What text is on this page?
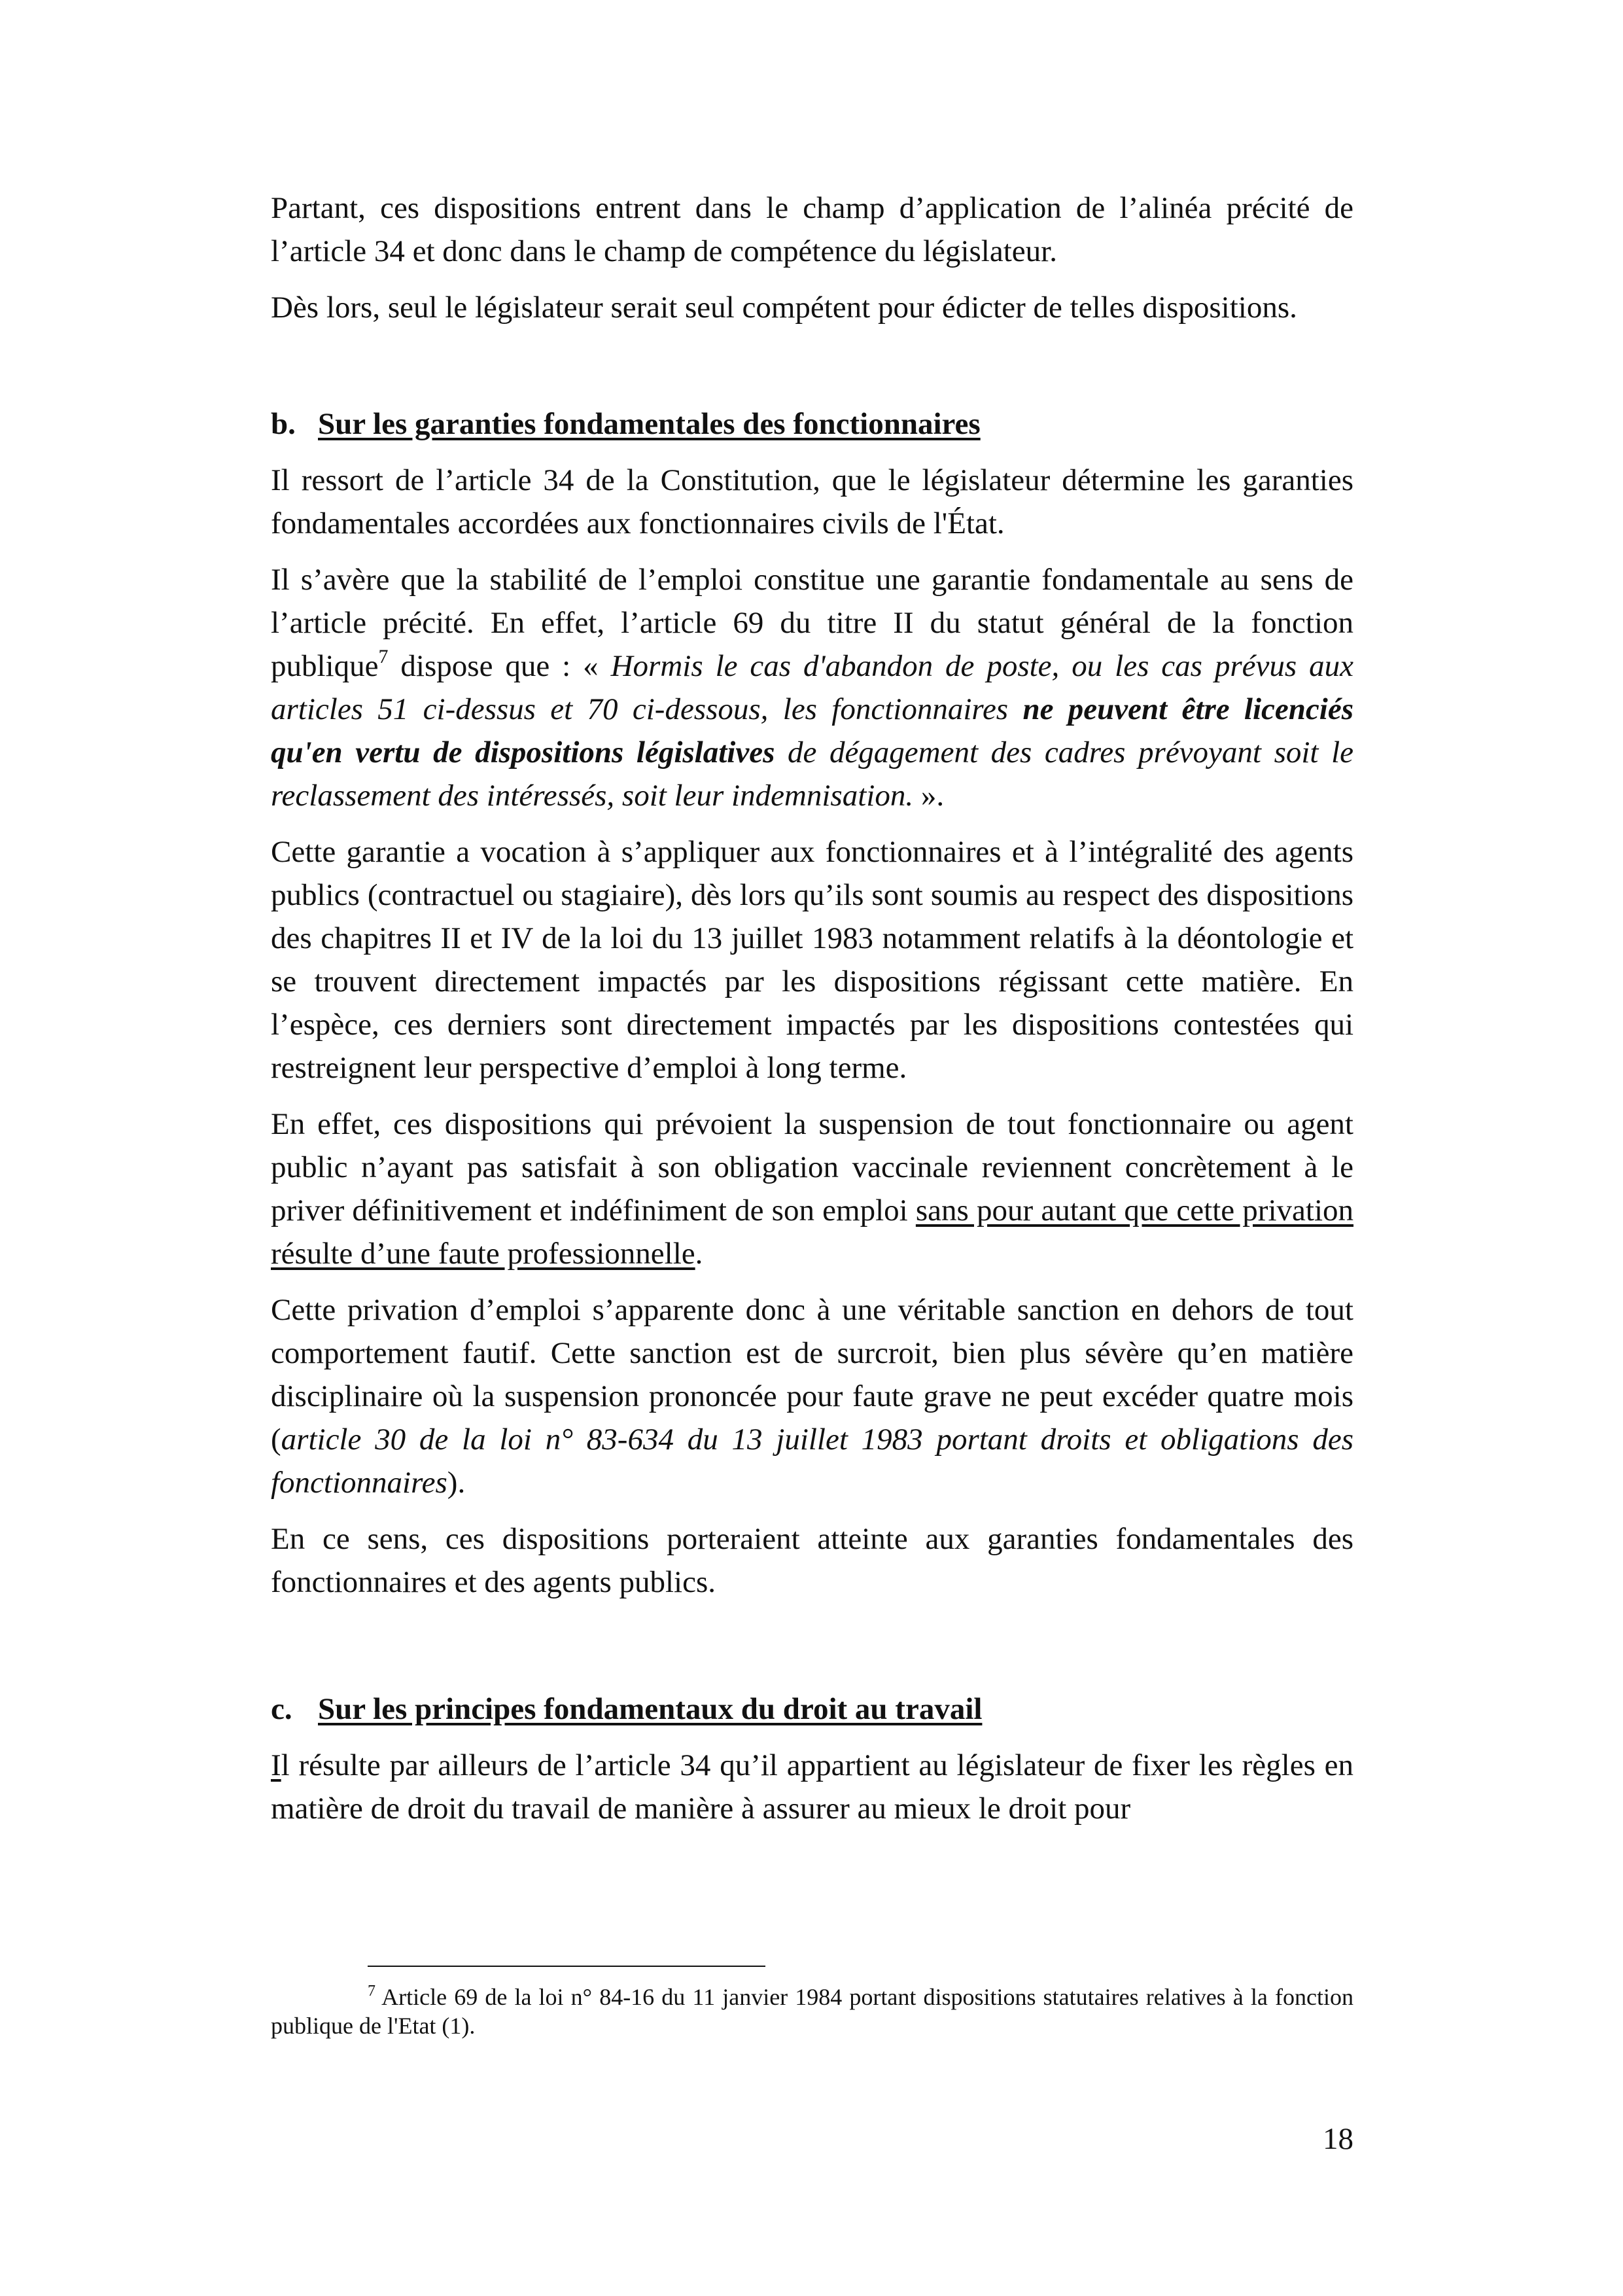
Partant, ces dispositions entrent dans le champ d’application de l’alinéa précité de l’article 34 et donc dans le champ de compétence du législateur.

Dès lors, seul le législateur serait seul compétent pour édicter de telles dispositions.

b. Sur les garanties fondamentales des fonctionnaires

Il ressort de l’article 34 de la Constitution, que le législateur détermine les garanties fondamentales accordées aux fonctionnaires civils de l'État.

Il s’avère que la stabilité de l’emploi constitue une garantie fondamentale au sens de l’article précité. En effet, l’article 69 du titre II du statut général de la fonction publique$^7$ dispose que : « Hormis le cas d'abandon de poste, ou les cas prévus aux articles 51 ci-dessus et 70 ci-dessous, les fonctionnaires ne peuvent être licenciés qu'en vertu de dispositions législatives de dégagement des cadres prévoyant soit le reclassement des intéressés, soit leur indemnisation. ».

Cette garantie a vocation à s’appliquer aux fonctionnaires et à l’intégralité des agents publics (contractuel ou stagiaire), dès lors qu’ils sont soumis au respect des dispositions des chapitres II et IV de la loi du 13 juillet 1983 notamment relatifs à la déontologie et se trouvent directement impactés par les dispositions régissant cette matière. En l’espèce, ces derniers sont directement impactés par les dispositions contestées qui restreignent leur perspective d’emploi à long terme.

En effet, ces dispositions qui prévoient la suspension de tout fonctionnaire ou agent public n’ayant pas satisfait à son obligation vaccinale reviennent concrètement à le priver définitivement et indéfiniment de son emploi sans pour autant que cette privation résulte d’une faute professionnelle.

Cette privation d’emploi s’apparente donc à une véritable sanction en dehors de tout comportement fautif. Cette sanction est de surcroit, bien plus sévère qu’en matière disciplinaire où la suspension prononcée pour faute grave ne peut excéder quatre mois (article 30 de la loi n° 83-634 du 13 juillet 1983 portant droits et obligations des fonctionnaires).

En ce sens, ces dispositions porteraient atteinte aux garanties fondamentales des fonctionnaires et des agents publics.

c. Sur les principes fondamentaux du droit au travail

Il résulte par ailleurs de l’article 34 qu’il appartient au législateur de fixer les règles en matière de droit du travail de manière à assurer au mieux le droit pour

$^7$ Article 69 de la loi n° 84-16 du 11 janvier 1984 portant dispositions statutaires relatives à la fonction publique de l'Etat (1).
18
